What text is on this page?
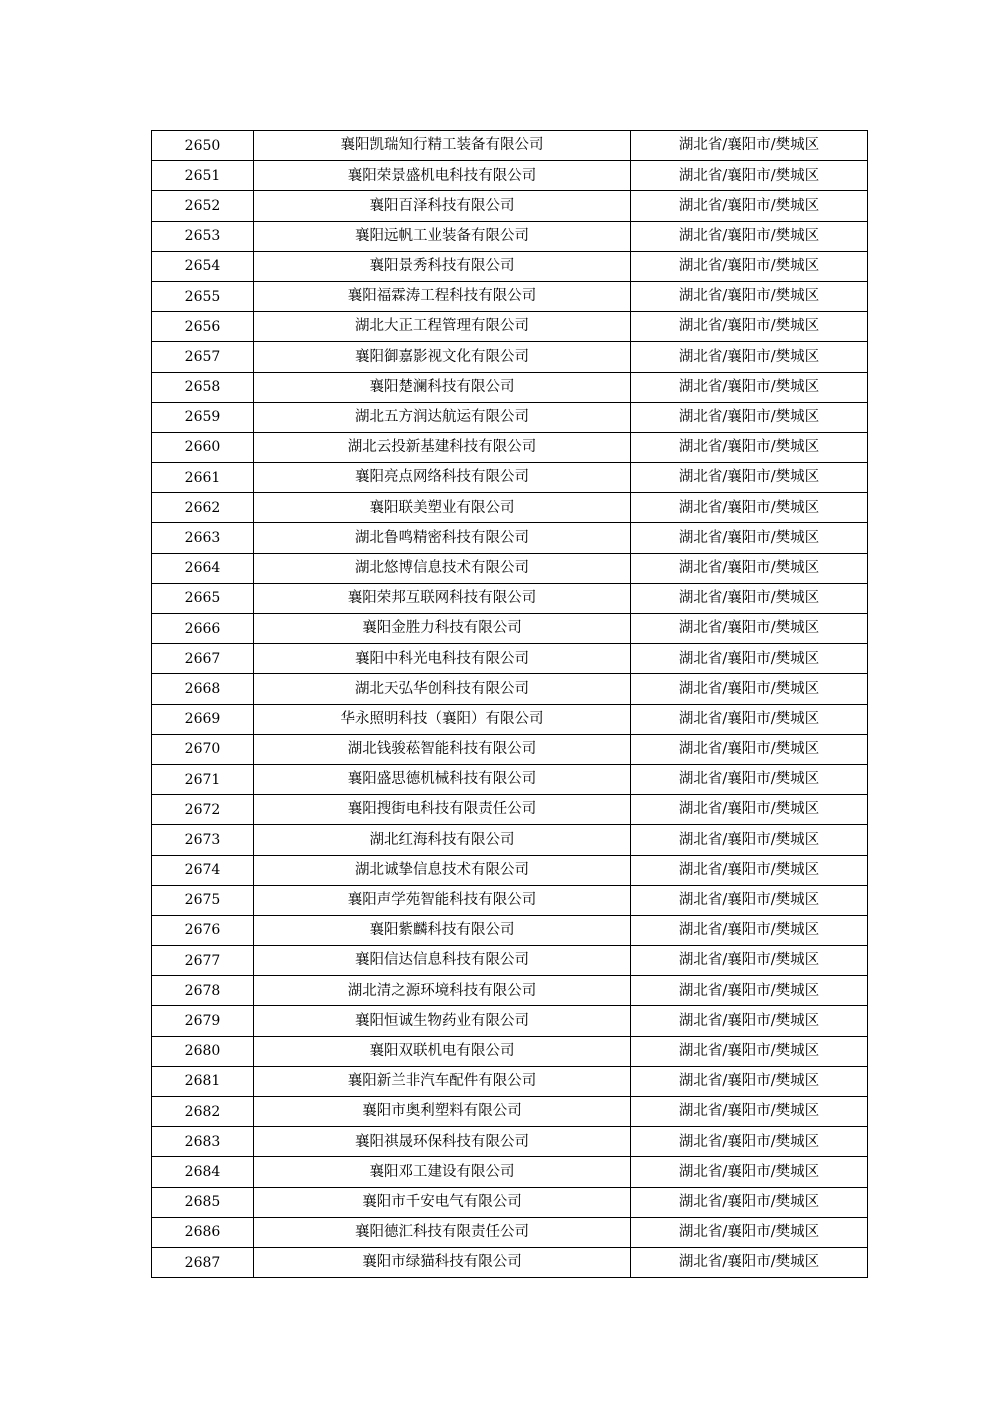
2650	襄阳凯瑞知行精工装备有限公司	湖北省/襄阳市/樊城区
2651	襄阳荣景盛机电科技有限公司	湖北省/襄阳市/樊城区
2652	襄阳百泽科技有限公司	湖北省/襄阳市/樊城区
2653	襄阳远帆工业装备有限公司	湖北省/襄阳市/樊城区
2654	襄阳景秀科技有限公司	湖北省/襄阳市/樊城区
2655	襄阳福霖涛工程科技有限公司	湖北省/襄阳市/樊城区
2656	湖北大正工程管理有限公司	湖北省/襄阳市/樊城区
2657	襄阳御嘉影视文化有限公司	湖北省/襄阳市/樊城区
2658	襄阳楚澜科技有限公司	湖北省/襄阳市/樊城区
2659	湖北五方润达航运有限公司	湖北省/襄阳市/樊城区
2660	湖北云投新基建科技有限公司	湖北省/襄阳市/樊城区
2661	襄阳亮点网络科技有限公司	湖北省/襄阳市/樊城区
2662	襄阳联美塑业有限公司	湖北省/襄阳市/樊城区
2663	湖北鲁鸣精密科技有限公司	湖北省/襄阳市/樊城区
2664	湖北悠博信息技术有限公司	湖北省/襄阳市/樊城区
2665	襄阳荣邦互联网科技有限公司	湖北省/襄阳市/樊城区
2666	襄阳金胜力科技有限公司	湖北省/襄阳市/樊城区
2667	襄阳中科光电科技有限公司	湖北省/襄阳市/樊城区
2668	湖北天弘华创科技有限公司	湖北省/襄阳市/樊城区
2669	华永照明科技（襄阳）有限公司	湖北省/襄阳市/樊城区
2670	湖北钱骏菘智能科技有限公司	湖北省/襄阳市/樊城区
2671	襄阳盛思德机械科技有限公司	湖北省/襄阳市/樊城区
2672	襄阳搜街电科技有限责任公司	湖北省/襄阳市/樊城区
2673	湖北红海科技有限公司	湖北省/襄阳市/樊城区
2674	湖北诚挚信息技术有限公司	湖北省/襄阳市/樊城区
2675	襄阳声学苑智能科技有限公司	湖北省/襄阳市/樊城区
2676	襄阳紫麟科技有限公司	湖北省/襄阳市/樊城区
2677	襄阳信达信息科技有限公司	湖北省/襄阳市/樊城区
2678	湖北清之源环境科技有限公司	湖北省/襄阳市/樊城区
2679	襄阳恒诚生物药业有限公司	湖北省/襄阳市/樊城区
2680	襄阳双联机电有限公司	湖北省/襄阳市/樊城区
2681	襄阳新兰非汽车配件有限公司	湖北省/襄阳市/樊城区
2682	襄阳市奥利塑料有限公司	湖北省/襄阳市/樊城区
2683	襄阳祺晟环保科技有限公司	湖北省/襄阳市/樊城区
2684	襄阳邓工建设有限公司	湖北省/襄阳市/樊城区
2685	襄阳市千安电气有限公司	湖北省/襄阳市/樊城区
2686	襄阳德汇科技有限责任公司	湖北省/襄阳市/樊城区
2687	襄阳市绿猫科技有限公司	湖北省/襄阳市/樊城区
